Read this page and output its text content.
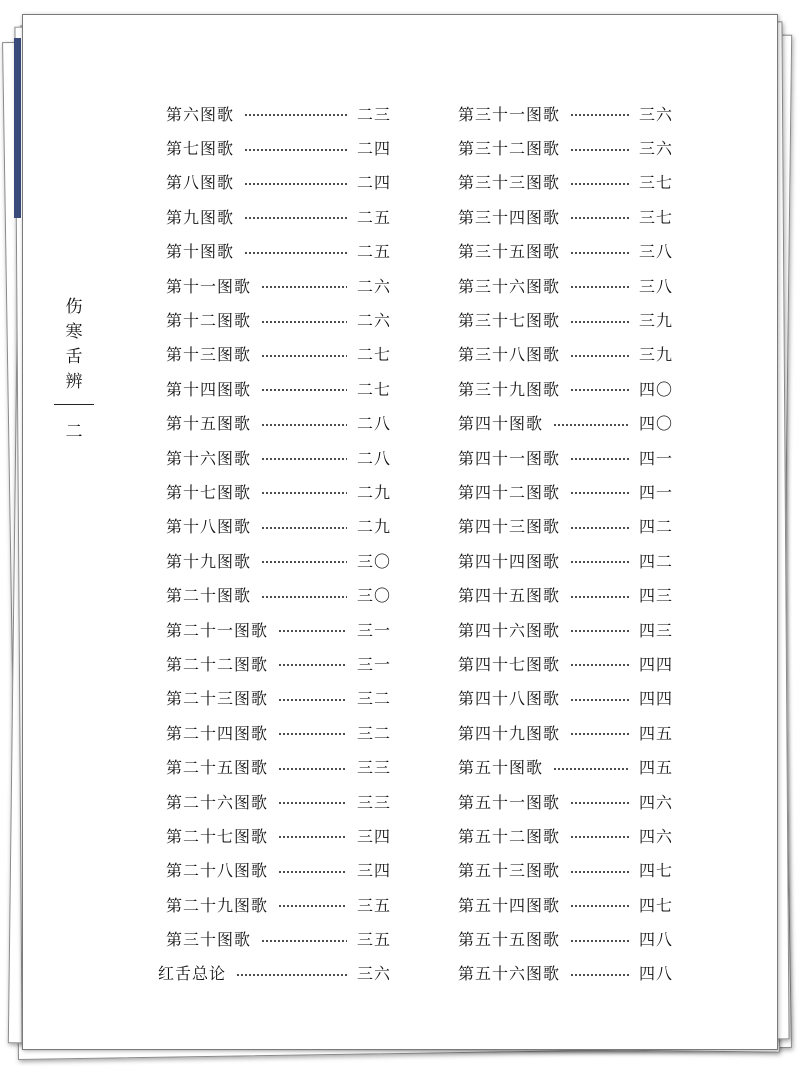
伤
寒
舌
辨
二
第六图歌	二三
第七图歌	二四
第八图歌	二四
第九图歌	二五
第十图歌	二五
第十一图歌	二六
第十二图歌	二六
第十三图歌	二七
第十四图歌	二七
第十五图歌	二八
第十六图歌	二八
第十七图歌	二九
第十八图歌	二九
第十九图歌	三〇
第二十图歌	三〇
第二十一图歌	三一
第二十二图歌	三一
第二十三图歌	三二
第二十四图歌	三二
第二十五图歌	三三
第二十六图歌	三三
第二十七图歌	三四
第二十八图歌	三四
第二十九图歌	三五
第三十图歌	三五
红舌总论	三六
第三十一图歌	三六
第三十二图歌	三六
第三十三图歌	三七
第三十四图歌	三七
第三十五图歌	三八
第三十六图歌	三八
第三十七图歌	三九
第三十八图歌	三九
第三十九图歌	四〇
第四十图歌	四〇
第四十一图歌	四一
第四十二图歌	四一
第四十三图歌	四二
第四十四图歌	四二
第四十五图歌	四三
第四十六图歌	四三
第四十七图歌	四四
第四十八图歌	四四
第四十九图歌	四五
第五十图歌	四五
第五十一图歌	四六
第五十二图歌	四六
第五十三图歌	四七
第五十四图歌	四七
第五十五图歌	四八
第五十六图歌	四八
